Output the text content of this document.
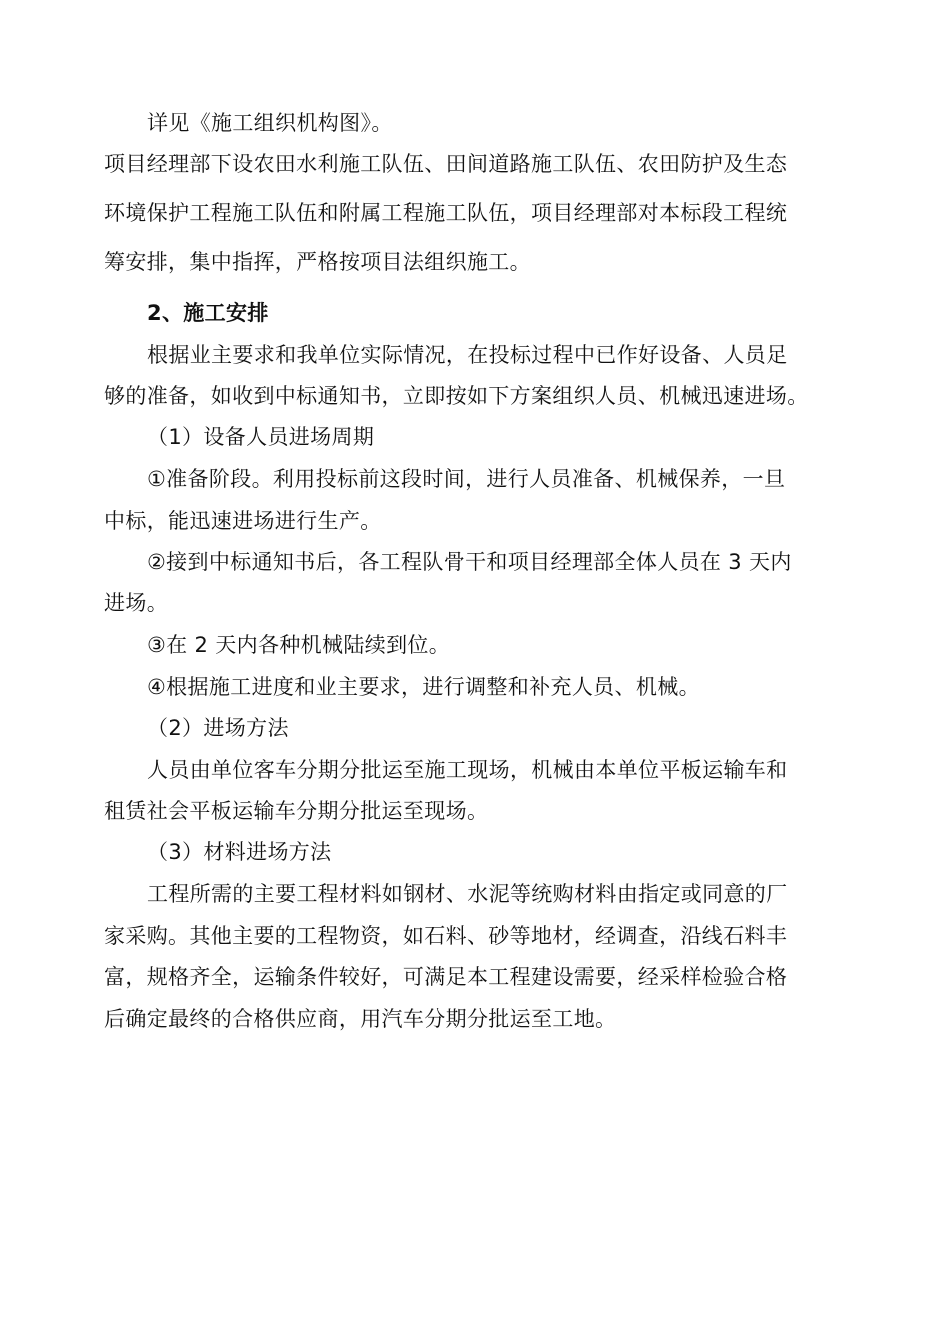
详见《施工组织机构图》。
项目经理部下设农田水利施工队伍、田间道路施工队伍、农田防护及生态
环境保护工程施工队伍和附属工程施工队伍，项目经理部对本标段工程统
筹安排，集中指挥，严格按项目法组织施工。
2、施工安排
根据业主要求和我单位实际情况，在投标过程中已作好设备、人员足
够的准备，如收到中标通知书，立即按如下方案组织人员、机械迅速进场。
（1）设备人员进场周期
①准备阶段。利用投标前这段时间，进行人员准备、机械保养，一旦
中标，能迅速进场进行生产。
②接到中标通知书后，各工程队骨干和项目经理部全体人员在 3 天内
进场。
③在 2 天内各种机械陆续到位。
④根据施工进度和业主要求，进行调整和补充人员、机械。
（2）进场方法
人员由单位客车分期分批运至施工现场，机械由本单位平板运输车和
租赁社会平板运输车分期分批运至现场。
（3）材料进场方法
工程所需的主要工程材料如钢材、水泥等统购材料由指定或同意的厂
家采购。其他主要的工程物资，如石料、砂等地材，经调查，沿线石料丰
富，规格齐全，运输条件较好，可满足本工程建设需要，经采样检验合格
后确定最终的合格供应商，用汽车分期分批运至工地。
